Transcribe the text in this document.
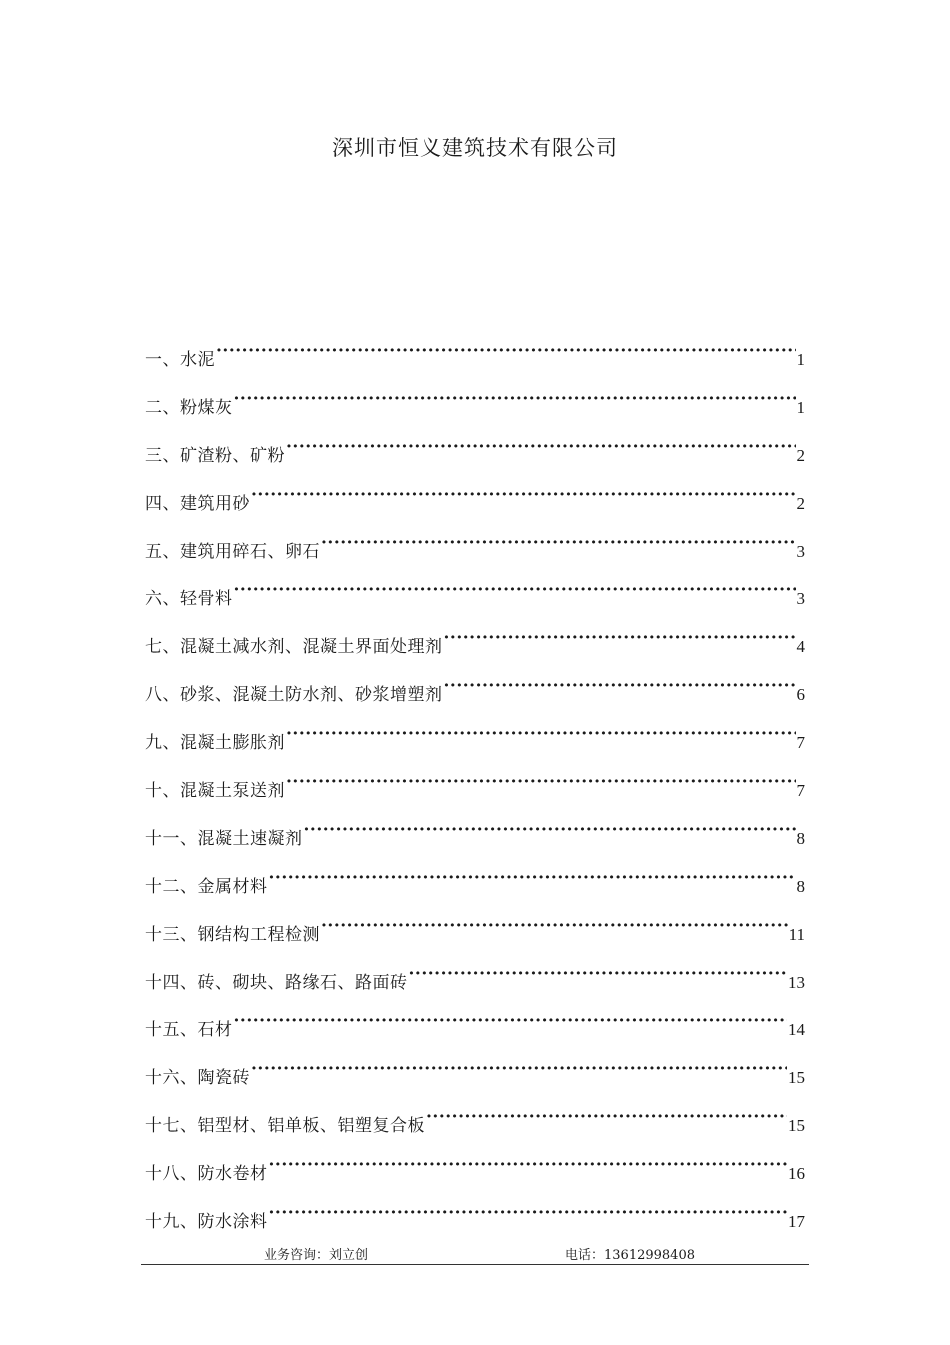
深圳市恒义建筑技术有限公司
一、水泥 ·····	1
二、粉煤灰 ·····	1
三、矿渣粉、矿粉 ·····	2
四、建筑用砂 ·····	2
五、建筑用碎石、卵石 ·····	3
六、轻骨料 ·····	3
七、混凝土减水剂、混凝土界面处理剂 ·····	4
八、砂浆、混凝土防水剂、砂浆增塑剂 ·····	6
九、混凝土膨胀剂 ·····	7
十、混凝土泵送剂 ·····	7
十一、混凝土速凝剂 ·····	8
十二、金属材料 ·····	8
十三、钢结构工程检测 ·····	11
十四、砖、砌块、路缘石、路面砖 ·····	13
十五、石材 ·····	14
十六、陶瓷砖 ·····	15
十七、铝型材、铝单板、铝塑复合板 ·····	15
十八、防水卷材 ·····	16
十九、防水涂料 ·····	17
业务咨询：刘立创	电话：13612998408
